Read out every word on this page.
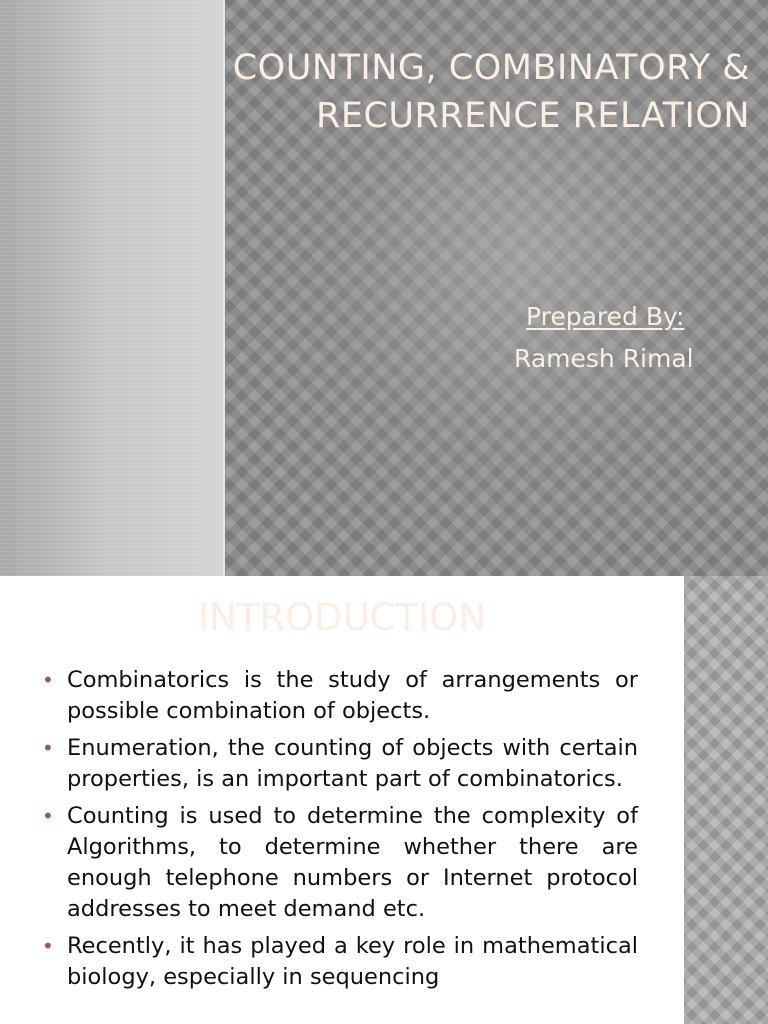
COUNTING, COMBINATORY &
RECURRENCE RELATION
Prepared By:
Ramesh Rimal
INTRODUCTION
• Combinatorics is the study of arrangements or possible combination of objects.
• Enumeration, the counting of objects with certain properties, is an important part of combinatorics.
• Counting is used to determine the complexity of Algorithms, to determine whether there are enough telephone numbers or Internet protocol addresses to meet demand etc.
• Recently, it has played a key role in mathematical biology, especially in sequencing
